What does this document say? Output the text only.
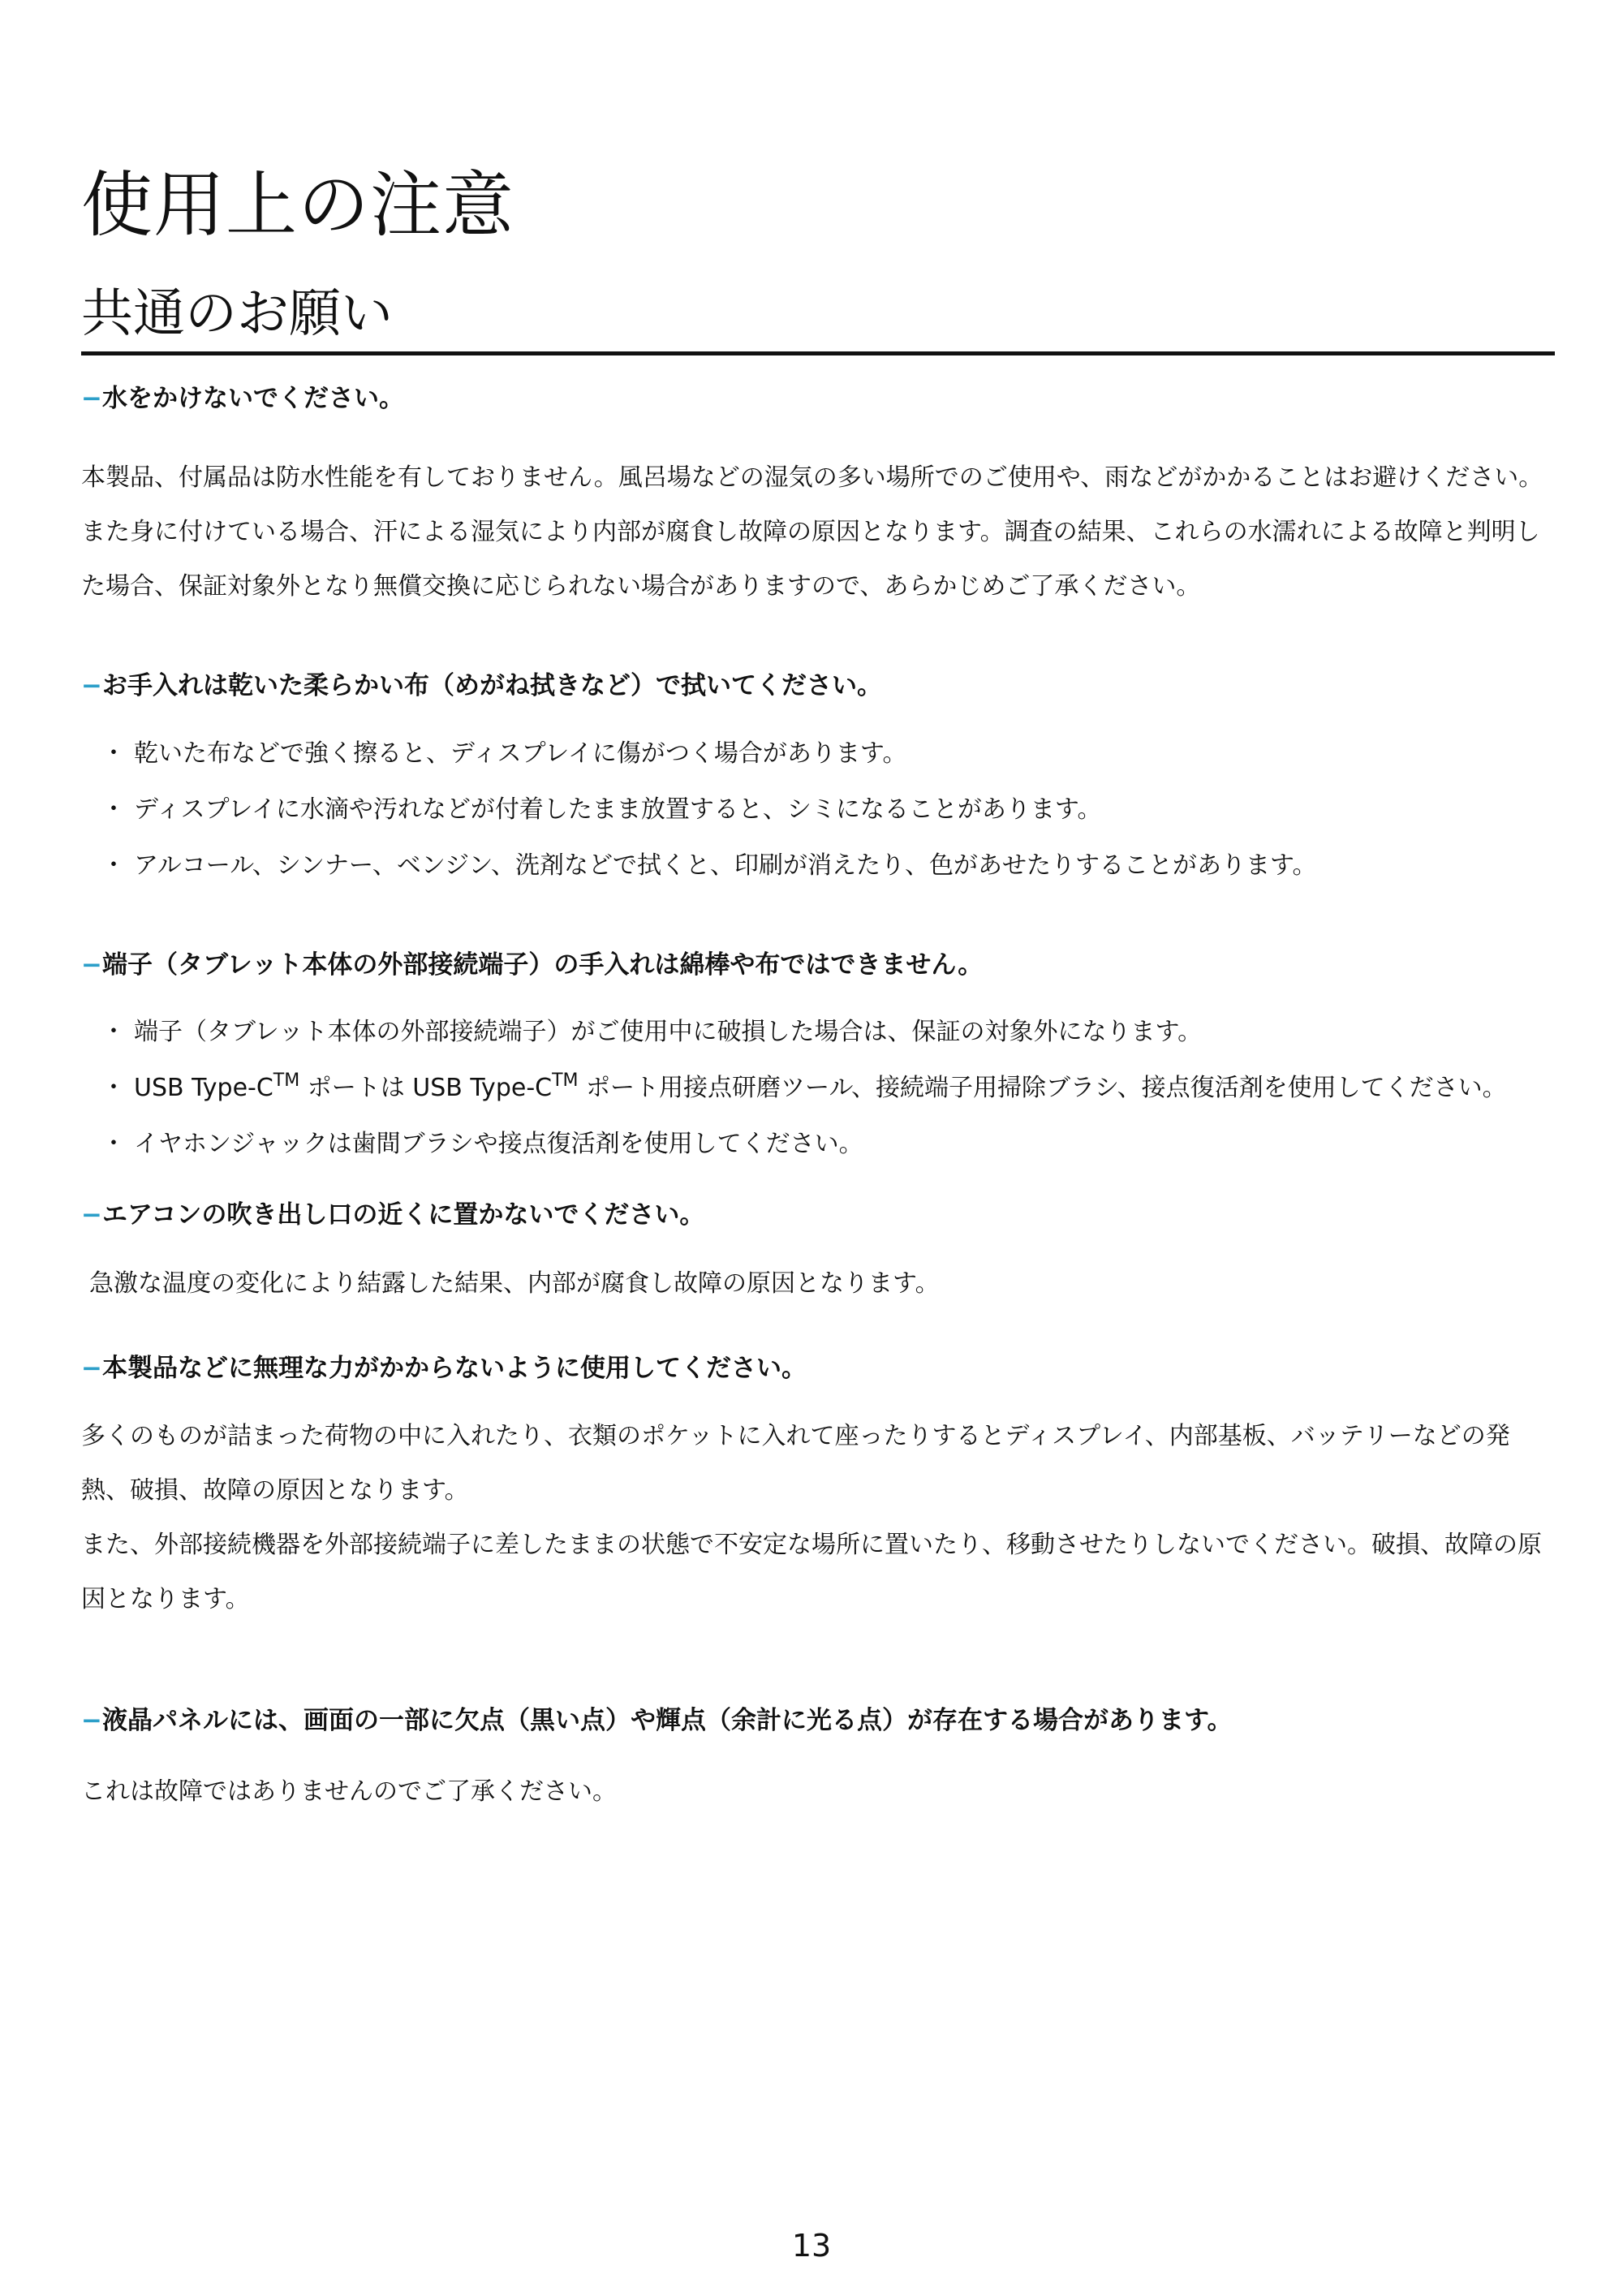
使用上の注意
共通のお願い

−水をかけないでください。

本製品、付属品は防水性能を有しておりません。風呂場などの湿気の多い場所でのご使用や、雨などがかかることはお避けください。また身に付けている場合、汗による湿気により内部が腐食し故障の原因となります。調査の結果、これらの水濡れによる故障と判明した場合、保証対象外となり無償交換に応じられない場合がありますので、あらかじめご了承ください。

−お手入れは乾いた柔らかい布（めがね拭きなど）で拭いてください。

・ 乾いた布などで強く擦ると、ディスプレイに傷がつく場合があります。
・ ディスプレイに水滴や汚れなどが付着したまま放置すると、シミになることがあります。
・ アルコール、シンナー、ベンジン、洗剤などで拭くと、印刷が消えたり、色があせたりすることがあります。

−端子（タブレット本体の外部接続端子）の手入れは綿棒や布ではできません。

・ 端子（タブレット本体の外部接続端子）がご使用中に破損した場合は、保証の対象外になります。
・ USB Type-C™ ポートは USB Type-C™ ポート用接点研磨ツール、接続端子用掃除ブラシ、接点復活剤を使用してください。
・ イヤホンジャックは歯間ブラシや接点復活剤を使用してください。

−エアコンの吹き出し口の近くに置かないでください。

急激な温度の変化により結露した結果、内部が腐食し故障の原因となります。

−本製品などに無理な力がかからないように使用してください。

多くのものが詰まった荷物の中に入れたり、衣類のポケットに入れて座ったりするとディスプレイ、内部基板、バッテリーなどの発熱、破損、故障の原因となります。

また、外部接続機器を外部接続端子に差したままの状態で不安定な場所に置いたり、移動させたりしないでください。破損、故障の原因となります。

−液晶パネルには、画面の一部に欠点（黒い点）や輝点（余計に光る点）が存在する場合があります。

これは故障ではありませんのでご了承ください。

13
